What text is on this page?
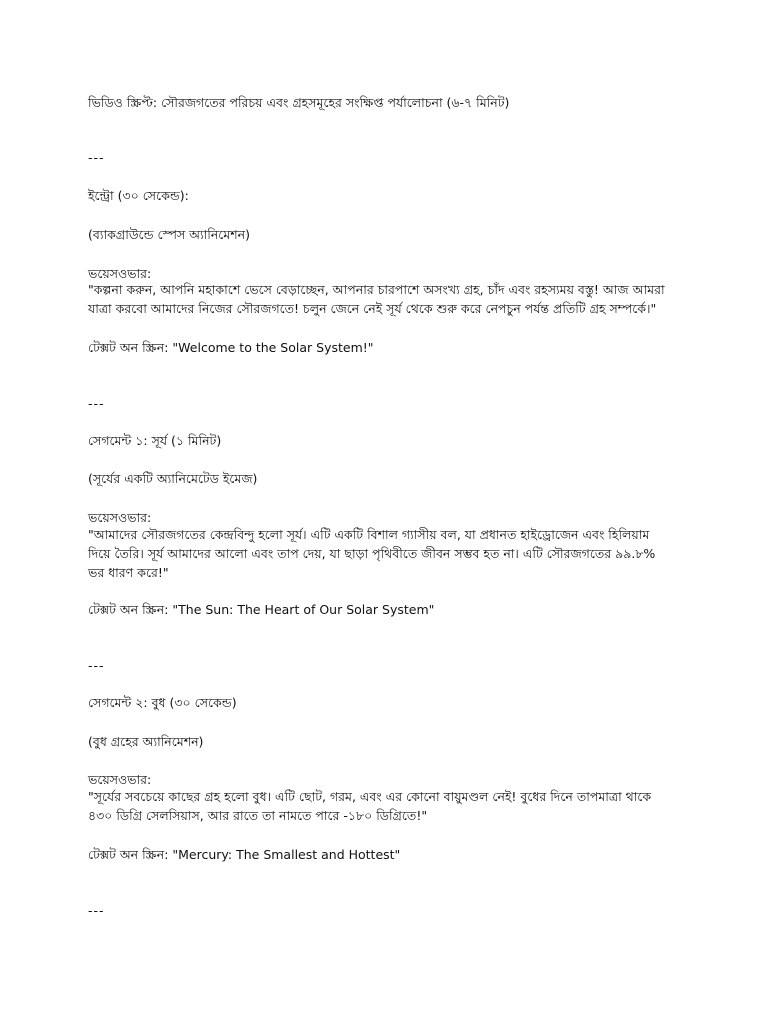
ভিডিও স্ক্রিপ্ট: সৌরজগতের পরিচয় এবং গ্রহসমূহের সংক্ষিপ্ত পর্যালোচনা (৬-৭ মিনিট)
---
ইন্ট্রো (৩০ সেকেন্ড):
(ব্যাকগ্রাউন্ডে স্পেস অ্যানিমেশন)
ভয়েসওভার:
"কল্পনা করুন, আপনি মহাকাশে ভেসে বেড়াচ্ছেন, আপনার চারপাশে অসংখ্য গ্রহ, চাঁদ এবং রহস্যময় বস্তু! আজ আমরা যাত্রা করবো আমাদের নিজের সৌরজগতে! চলুন জেনে নেই সূর্য থেকে শুরু করে নেপচুন পর্যন্ত প্রতিটি গ্রহ সম্পর্কে।"
টেক্সট অন স্ক্রিন: "Welcome to the Solar System!"
---
সেগমেন্ট ১: সূর্য (১ মিনিট)
(সূর্যের একটি অ্যানিমেটেড ইমেজ)
ভয়েসওভার:
"আমাদের সৌরজগতের কেন্দ্রবিন্দু হলো সূর্য। এটি একটি বিশাল গ্যাসীয় বল, যা প্রধানত হাইড্রোজেন এবং হিলিয়াম দিয়ে তৈরি। সূর্য আমাদের আলো এবং তাপ দেয়, যা ছাড়া পৃথিবীতে জীবন সম্ভব হত না। এটি সৌরজগতের ৯৯.৮% ভর ধারণ করে!"
টেক্সট অন স্ক্রিন: "The Sun: The Heart of Our Solar System"
---
সেগমেন্ট ২: বুধ (৩০ সেকেন্ড)
(বুধ গ্রহের অ্যানিমেশন)
ভয়েসওভার:
"সূর্যের সবচেয়ে কাছের গ্রহ হলো বুধ। এটি ছোট, গরম, এবং এর কোনো বায়ুমণ্ডল নেই! বুধের দিনে তাপমাত্রা থাকে ৪৩০ ডিগ্রি সেলসিয়াস, আর রাতে তা নামতে পারে -১৮০ ডিগ্রিতে!"
টেক্সট অন স্ক্রিন: "Mercury: The Smallest and Hottest"
---
